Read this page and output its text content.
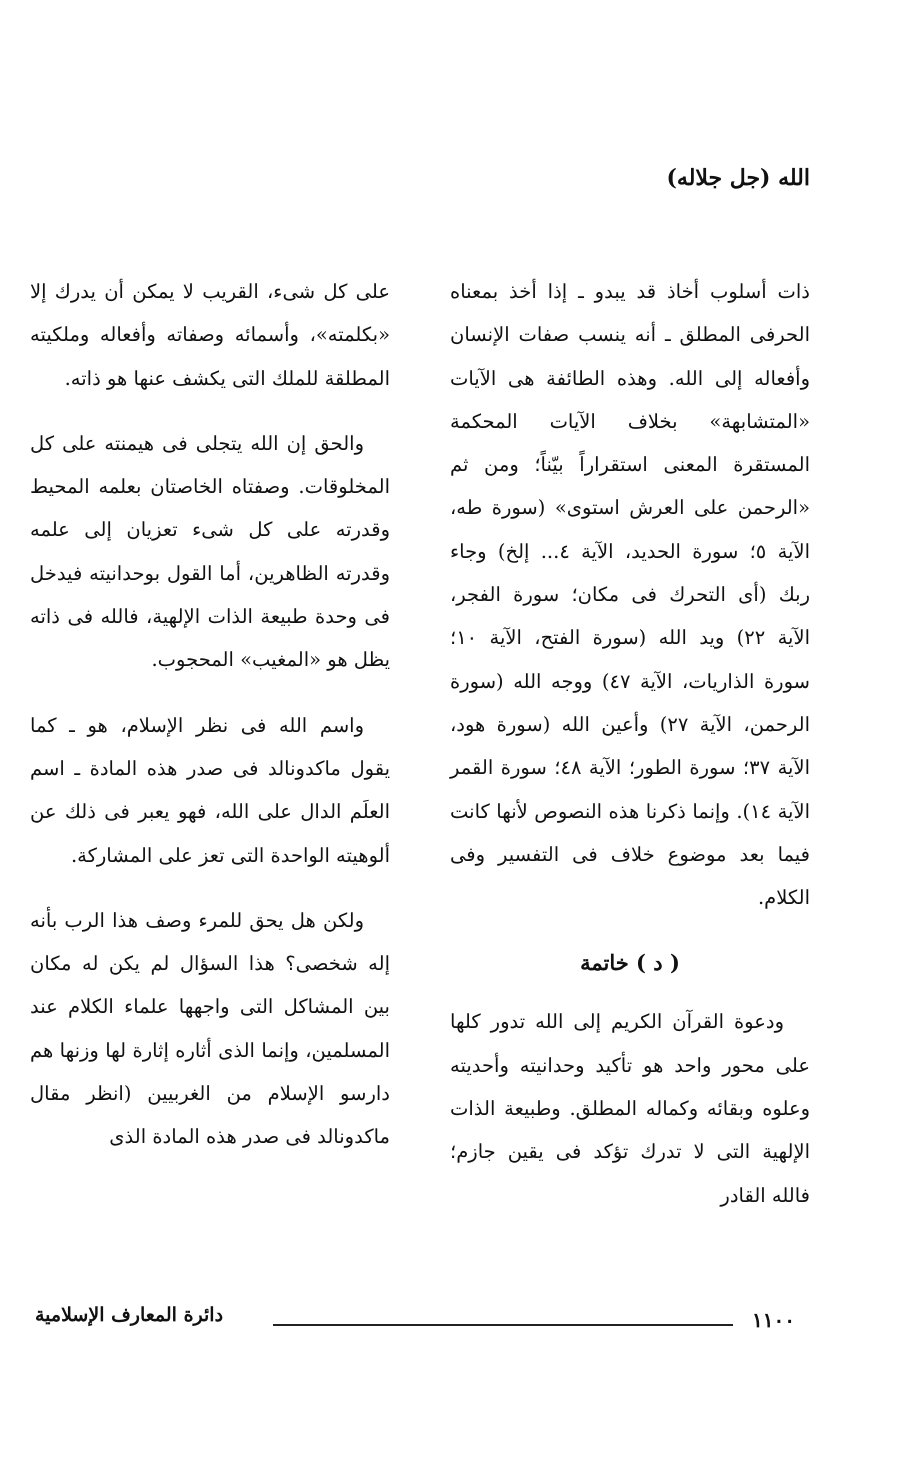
الله (جل جلاله)

ذات أسلوب أخاذ قد يبدو ـ إذا أخذ بمعناه الحرفى المطلق ـ أنه ينسب صفات الإنسان وأفعاله إلى الله. وهذه الطائفة هى الآيات «المتشابهة» بخلاف الآيات المحكمة المستقرة المعنى استقراراً بيّناً؛ ومن ثم «الرحمن على العرش استوى» (سورة طه، الآية ٥؛ سورة الحديد، الآية ٤... إلخ) وجاء ربك (أى التحرك فى مكان؛ سورة الفجر، الآية ٢٢) ويد الله (سورة الفتح، الآية ١٠؛ سورة الذاريات، الآية ٤٧) ووجه الله (سورة الرحمن، الآية ٢٧) وأعين الله (سورة هود، الآية ٣٧؛ سورة الطور؛ الآية ٤٨؛ سورة القمر الآية ١٤). وإنما ذكرنا هذه النصوص لأنها كانت فيما بعد موضوع خلاف فى التفسير وفى الكلام.

( د ) خاتمة

ودعوة القرآن الكريم إلى الله تدور كلها على محور واحد هو تأكيد وحدانيته وأحديته وعلوه وبقائه وكماله المطلق. وطبيعة الذات الإلهية التى لا تدرك تؤكد فى يقين جازم؛ فالله القادر

على كل شىء، القريب لا يمكن أن يدرك إلا «بكلمته»، وأسمائه وصفاته وأفعاله وملكيته المطلقة للملك التى يكشف عنها هو ذاته.

والحق إن الله يتجلى فى هيمنته على كل المخلوقات. وصفتاه الخاصتان بعلمه المحيط وقدرته على كل شىء تعزيان إلى علمه وقدرته الظاهرين، أما القول بوحدانيته فيدخل فى وحدة طبيعة الذات الإلهية، فالله فى ذاته يظل هو «المغيب» المحجوب.

واسم الله فى نظر الإسلام، هو ـ كما يقول ماكدونالد فى صدر هذه المادة ـ اسم العلَم الدال على الله، فهو يعبر فى ذلك عن ألوهيته الواحدة التى تعز على المشاركة.

ولكن هل يحق للمرء وصف هذا الرب بأنه إله شخصى؟ هذا السؤال لم يكن له مكان بين المشاكل التى واجهها علماء الكلام عند المسلمين، وإنما الذى أثاره إثارة لها وزنها هم دارسو الإسلام من الغربيين (انظر مقال ماكدونالد فى صدر هذه المادة الذى

١١٠٠
دائرة المعارف الإسلامية
